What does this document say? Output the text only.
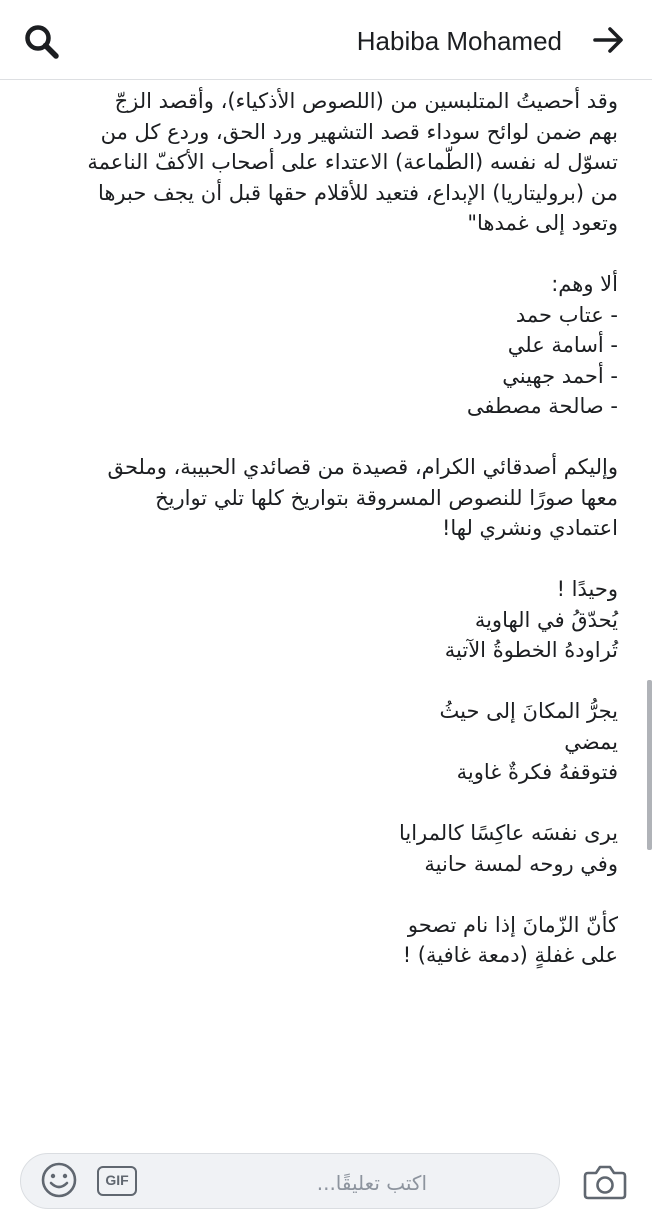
Habiba Mohamed
وقد أحصيتُ المتلبسين من (اللصوص الأذكياء)، وأقصد الزجّ
بهم ضمن لوائح سوداء قصد التشهير ورد الحق، وردع كل من
تسوّل له نفسه (الطّماعة) الاعتداء على أصحاب الأكفّ الناعمة
من (بروليتاريا) الإبداع، فتعيد للأقلام حقها قبل أن يجف حبرها
وتعود إلى غمدها"
ألا وهم:
- عتاب حمد
- أسامة علي
- أحمد جهيني
- صالحة مصطفى
وإليكم أصدقائي الكرام، قصيدة من قصائدي الحبيبة، وملحق
معها صورًا للنصوص المسروقة بتواريخ كلها تلي تواريخ
اعتمادي ونشري لها!
وحيدًا !
يُحدّقُ في الهاوية
تُراودهُ الخطوةُ الآتية
يجرُّ المكانَ إلى حيثُ
يمضي
فتوقفهُ فكرةٌ غاوية
يرى نفسَه عاكِسًا كالمرايا
وفي روحه لمسة حانية
كأنّ الزّمانَ إذا نام تصحو
على غفلةٍ (دمعة غافية) !
GIF
اكتب تعليقًا...
